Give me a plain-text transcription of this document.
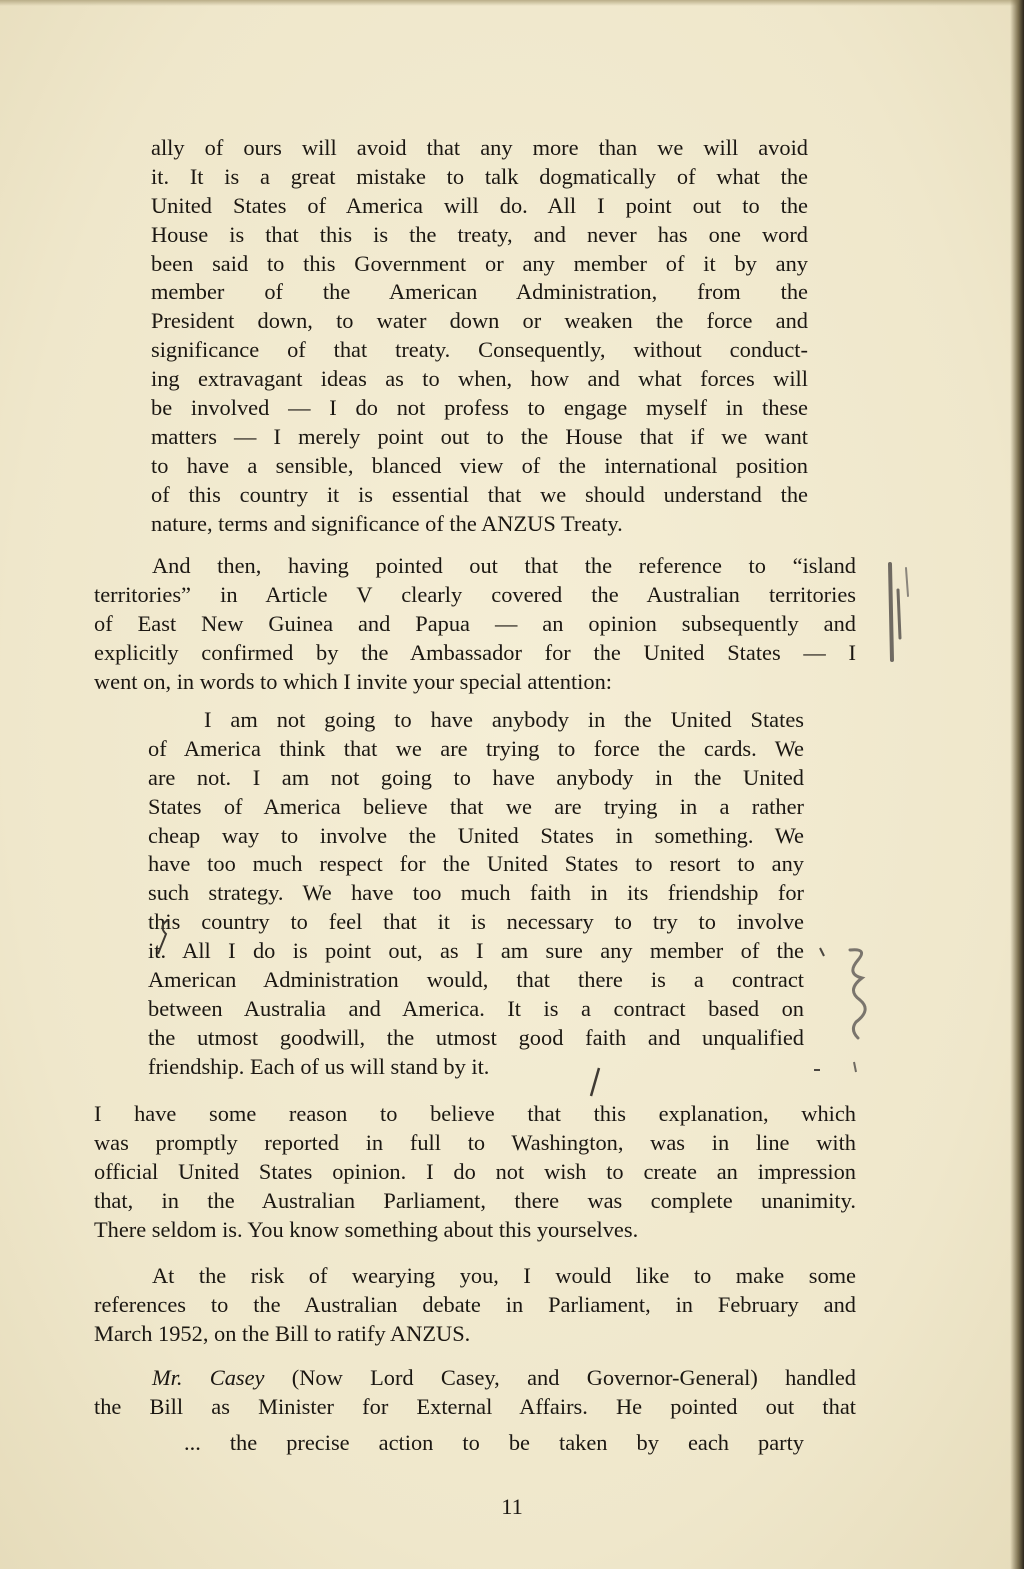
ally of ours will avoid that any more than we will avoid
it. It is a great mistake to talk dogmatically of what the
United States of America will do. All I point out to the
House is that this is the treaty, and never has one word
been said to this Government or any member of it by any
member of the American Administration, from the
President down, to water down or weaken the force and
significance of that treaty. Consequently, without conduct-
ing extravagant ideas as to when, how and what forces will
be involved — I do not profess to engage myself in these
matters — I merely point out to the House that if we want
to have a sensible, blanced view of the international position
of this country it is essential that we should understand the
nature, terms and significance of the ANZUS Treaty.
And then, having pointed out that the reference to “island
territories” in Article V clearly covered the Australian territories
of East New Guinea and Papua — an opinion subsequently and
explicitly confirmed by the Ambassador for the United States — I
went on, in words to which I invite your special attention:
I am not going to have anybody in the United States
of America think that we are trying to force the cards. We
are not. I am not going to have anybody in the United
States of America believe that we are trying in a rather
cheap way to involve the United States in something. We
have too much respect for the United States to resort to any
such strategy. We have too much faith in its friendship for
this country to feel that it is necessary to try to involve
it. All I do is point out, as I am sure any member of the
American Administration would, that there is a contract
between Australia and America. It is a contract based on
the utmost goodwill, the utmost good faith and unqualified
friendship. Each of us will stand by it.
I have some reason to believe that this explanation, which
was promptly reported in full to Washington, was in line with
official United States opinion. I do not wish to create an impression
that, in the Australian Parliament, there was complete unanimity.
There seldom is. You know something about this yourselves.
At the risk of wearying you, I would like to make some
references to the Australian debate in Parliament, in February and
March 1952, on the Bill to ratify ANZUS.
Mr. Casey (Now Lord Casey, and Governor-General) handled
the Bill as Minister for External Affairs. He pointed out that
... the precise action to be taken by each party
11
